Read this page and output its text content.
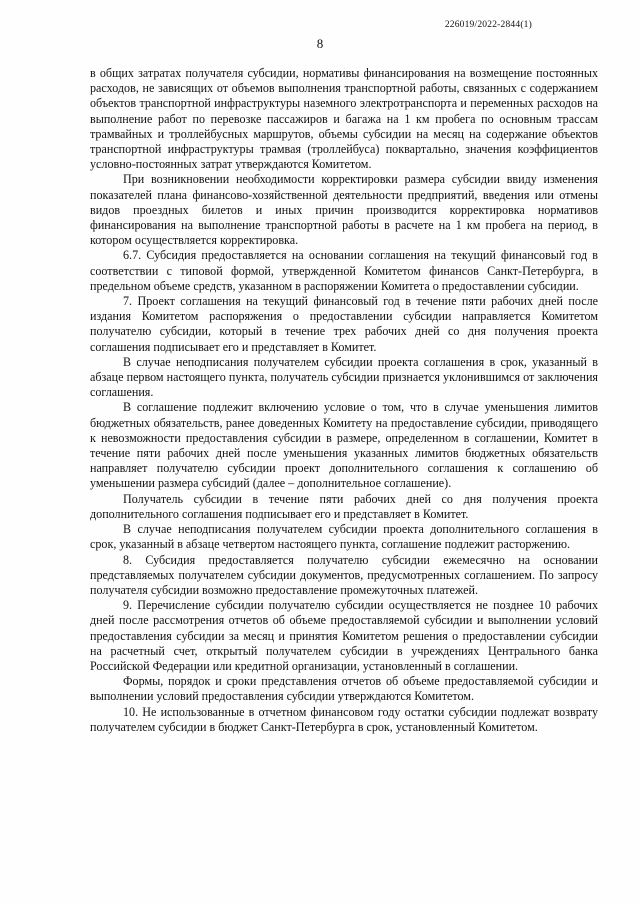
226019/2022-2844(1)
8

в общих затратах получателя субсидии, нормативы финансирования на возмещение постоянных расходов, не зависящих от объемов выполнения транспортной работы, связанных с содержанием объектов транспортной инфраструктуры наземного электротранспорта и переменных расходов на выполнение работ по перевозке пассажиров и багажа на 1 км пробега по основным трассам трамвайных и троллейбусных маршрутов, объемы субсидии на месяц на содержание объектов транспортной инфраструктуры трамвая (троллейбуса) поквартально, значения коэффициентов условно-постоянных затрат утверждаются Комитетом.

При возникновении необходимости корректировки размера субсидии ввиду изменения показателей плана финансово-хозяйственной деятельности предприятий, введения или отмены видов проездных билетов и иных причин производится корректировка нормативов финансирования на выполнение транспортной работы в расчете на 1 км пробега на период, в котором осуществляется корректировка.

6.7. Субсидия предоставляется на основании соглашения на текущий финансовый год в соответствии с типовой формой, утвержденной Комитетом финансов Санкт-Петербурга, в предельном объеме средств, указанном в распоряжении Комитета о предоставлении субсидии.

7. Проект соглашения на текущий финансовый год в течение пяти рабочих дней после издания Комитетом распоряжения о предоставлении субсидии направляется Комитетом получателю субсидии, который в течение трех рабочих дней со дня получения проекта соглашения подписывает его и представляет в Комитет.

В случае неподписания получателем субсидии проекта соглашения в срок, указанный в абзаце первом настоящего пункта, получатель субсидии признается уклонившимся от заключения соглашения.

В соглашение подлежит включению условие о том, что в случае уменьшения лимитов бюджетных обязательств, ранее доведенных Комитету на предоставление субсидии, приводящего к невозможности предоставления субсидии в размере, определенном в соглашении, Комитет в течение пяти рабочих дней после уменьшения указанных лимитов бюджетных обязательств направляет получателю субсидии проект дополнительного соглашения к соглашению об уменьшении размера субсидий (далее – дополнительное соглашение).

Получатель субсидии в течение пяти рабочих дней со дня получения проекта дополнительного соглашения подписывает его и представляет в Комитет.

В случае неподписания получателем субсидии проекта дополнительного соглашения в срок, указанный в абзаце четвертом настоящего пункта, соглашение подлежит расторжению.

8. Субсидия предоставляется получателю субсидии ежемесячно на основании представляемых получателем субсидии документов, предусмотренных соглашением. По запросу получателя субсидии возможно предоставление промежуточных платежей.

9. Перечисление субсидии получателю субсидии осуществляется не позднее 10 рабочих дней после рассмотрения отчетов об объеме предоставляемой субсидии и выполнении условий предоставления субсидии за месяц и принятия Комитетом решения о предоставлении субсидии на расчетный счет, открытый получателем субсидии в учреждениях Центрального банка Российской Федерации или кредитной организации, установленный в соглашении.

Формы, порядок и сроки представления отчетов об объеме предоставляемой субсидии и выполнении условий предоставления субсидии утверждаются Комитетом.

10. Не использованные в отчетном финансовом году остатки субсидии подлежат возврату получателем субсидии в бюджет Санкт-Петербурга в срок, установленный Комитетом.
